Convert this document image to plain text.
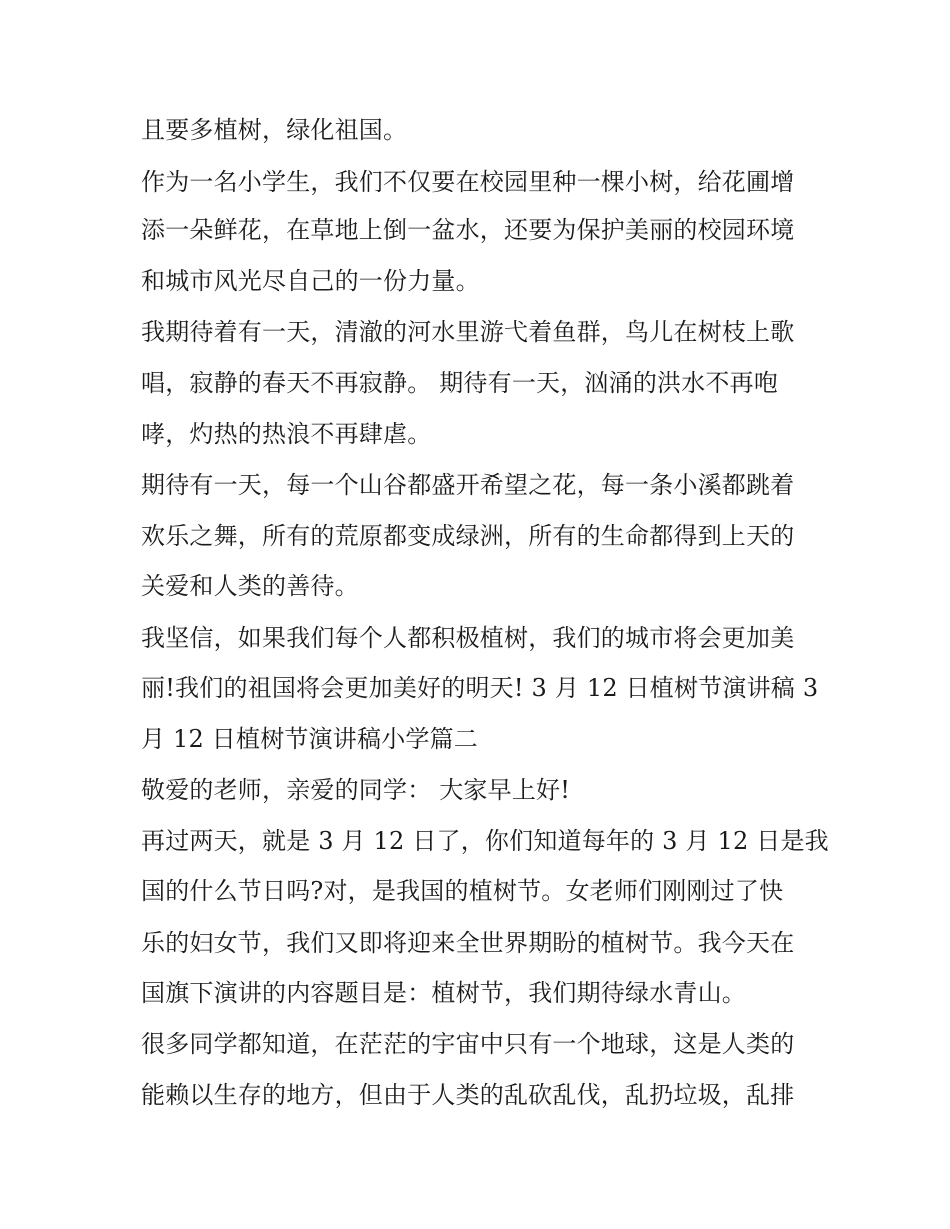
且要多植树，绿化祖国。
作为一名小学生，我们不仅要在校园里种一棵小树，给花圃增
添一朵鲜花，在草地上倒一盆水，还要为保护美丽的校园环境
和城市风光尽自己的一份力量。
我期待着有一天，清澈的河水里游弋着鱼群，鸟儿在树枝上歌
唱，寂静的春天不再寂静。 期待有一天，汹涌的洪水不再咆
哮，灼热的热浪不再肆虐。
期待有一天，每一个山谷都盛开希望之花，每一条小溪都跳着
欢乐之舞，所有的荒原都变成绿洲，所有的生命都得到上天的
关爱和人类的善待。
我坚信，如果我们每个人都积极植树，我们的城市将会更加美
丽!我们的祖国将会更加美好的明天! 3 月 12 日植树节演讲稿 3
月 12 日植树节演讲稿小学篇二
敬爱的老师，亲爱的同学： 大家早上好!
再过两天，就是 3 月 12 日了，你们知道每年的 3 月 12 日是我
国的什么节日吗?对，是我国的植树节。女老师们刚刚过了快
乐的妇女节，我们又即将迎来全世界期盼的植树节。我今天在
国旗下演讲的内容题目是：植树节，我们期待绿水青山。
很多同学都知道，在茫茫的宇宙中只有一个地球，这是人类的
能赖以生存的地方，但由于人类的乱砍乱伐，乱扔垃圾，乱排
